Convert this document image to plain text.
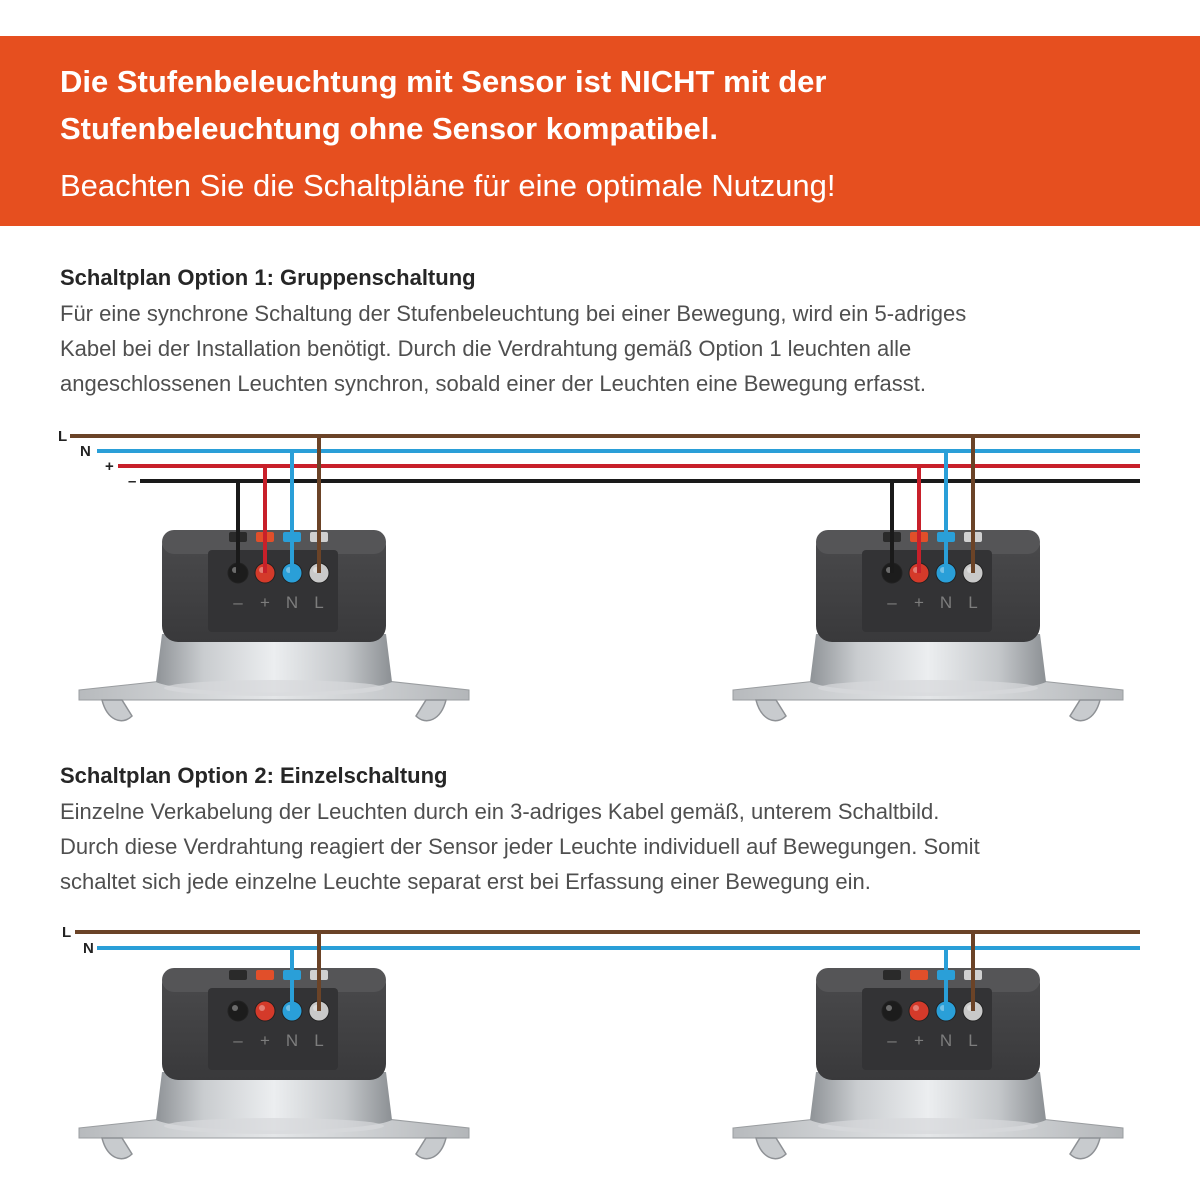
Die Stufenbeleuchtung mit Sensor ist NICHT mit der
Stufenbeleuchtung ohne Sensor kompatibel.
Beachten Sie die Schaltpläne für eine optimale Nutzung!
Schaltplan Option 1: Gruppenschaltung
Für eine synchrone Schaltung der Stufenbeleuchtung bei einer Bewegung, wird ein 5-adriges
Kabel bei der Installation benötigt. Durch die Verdrahtung gemäß Option 1 leuchten alle
angeschlossenen Leuchten synchron, sobald einer der Leuchten eine Bewegung erfasst.
L
N
+
–
– + N L	– + N L
Schaltplan Option 2: Einzelschaltung
Einzelne Verkabelung der Leuchten durch ein 3-adriges Kabel gemäß, unterem Schaltbild.
Durch diese Verdrahtung reagiert der Sensor jeder Leuchte individuell auf Bewegungen. Somit
schaltet sich jede einzelne Leuchte separat erst bei Erfassung einer Bewegung ein.
L
N
– + N L	– + N L
